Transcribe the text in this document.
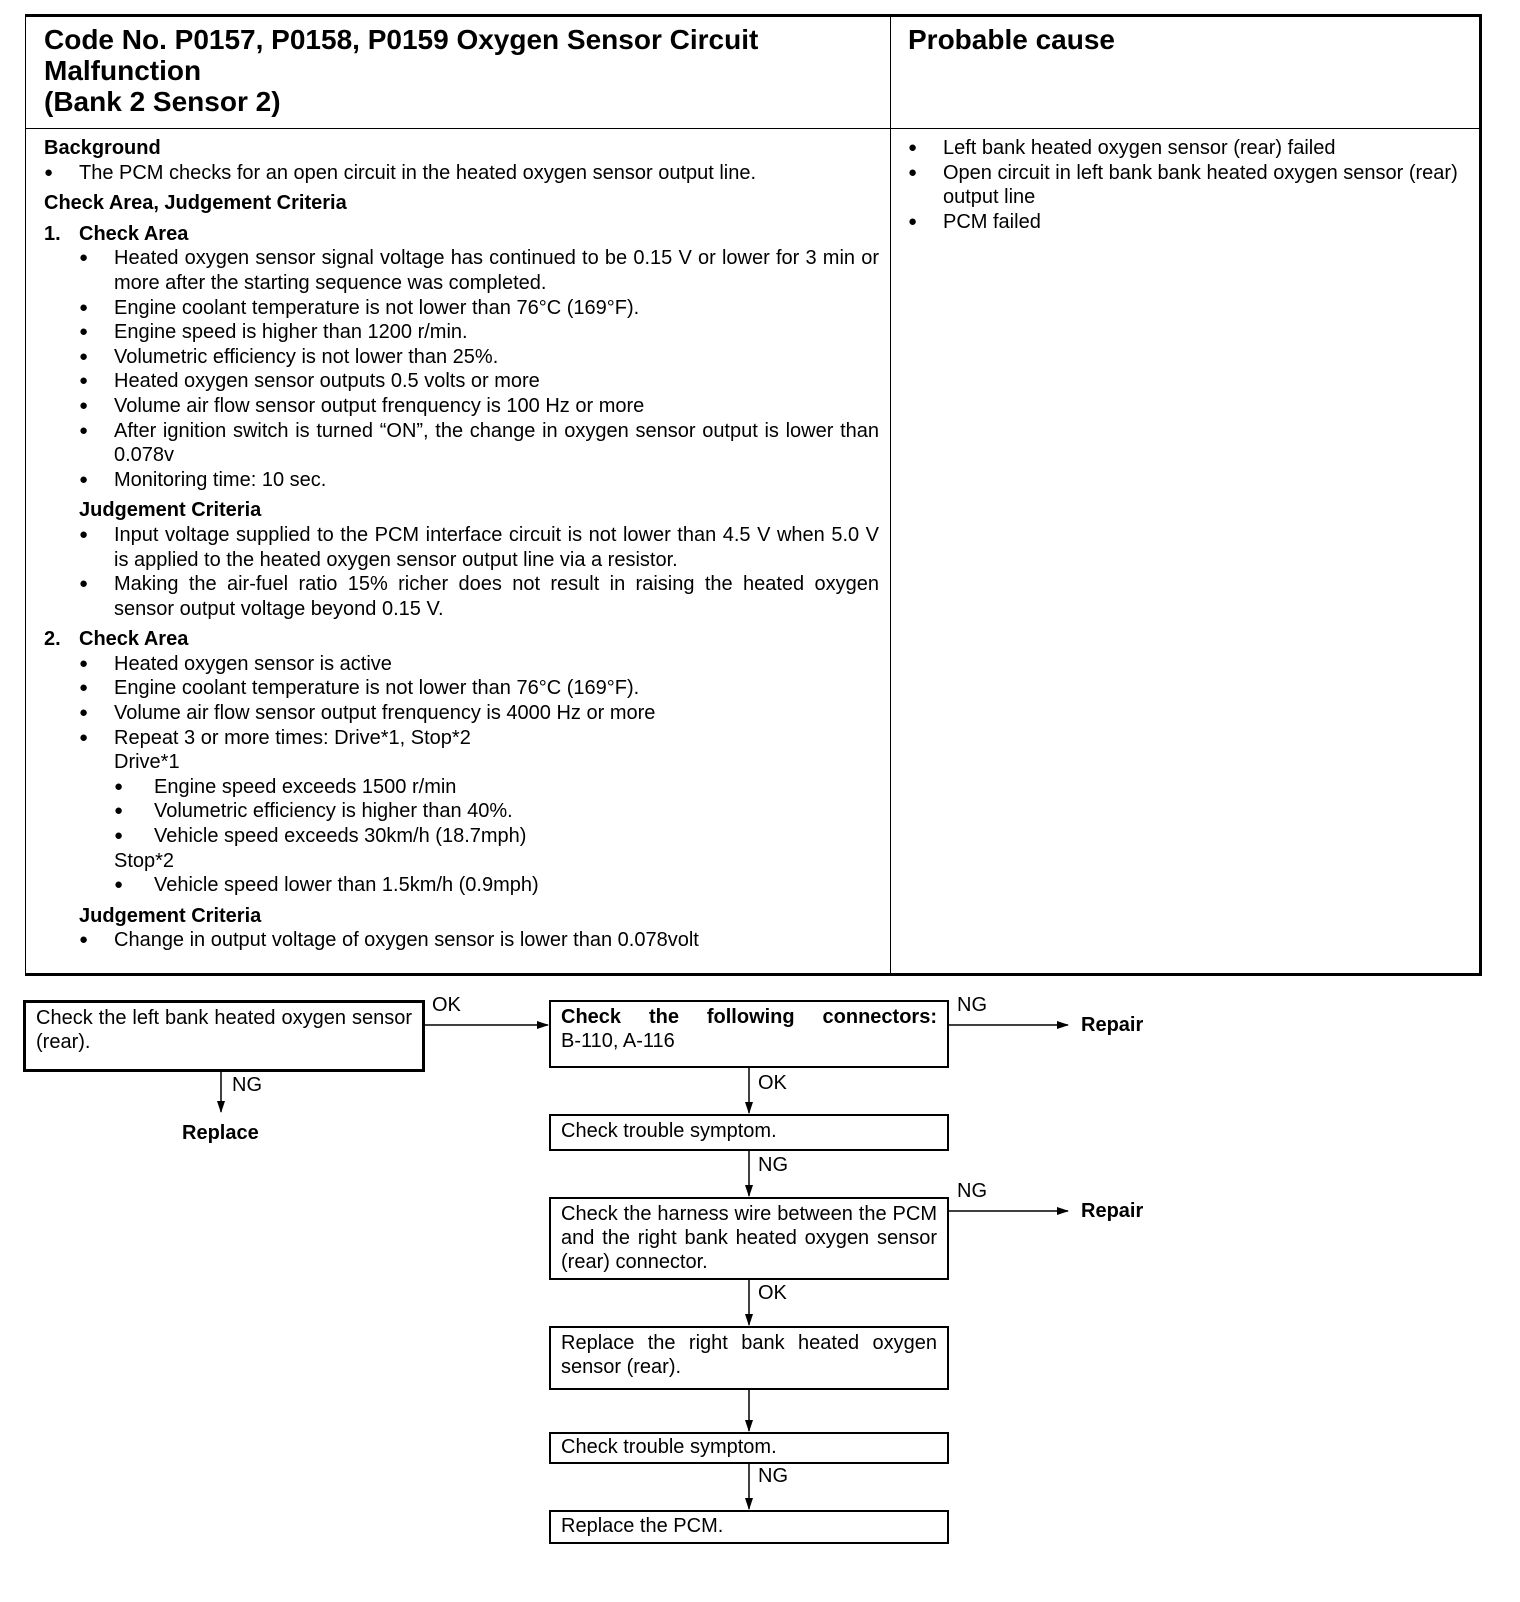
Code No. P0157, P0158, P0159 Oxygen Sensor Circuit
Malfunction
(Bank 2 Sensor 2)
Probable cause
Background
● The PCM checks for an open circuit in the heated oxygen sensor output line.
Check Area, Judgement Criteria
1. Check Area
● Heated oxygen sensor signal voltage has continued to be 0.15 V or lower for 3 min or more after the starting sequence was completed.
● Engine coolant temperature is not lower than 76°C (169°F).
● Engine speed is higher than 1200 r/min.
● Volumetric efficiency is not lower than 25%.
● Heated oxygen sensor outputs 0.5 volts or more
● Volume air flow sensor output frenquency is 100 Hz or more
● After ignition switch is turned “ON”, the change in oxygen sensor output is lower than 0.078v
● Monitoring time: 10 sec.
Judgement Criteria
● Input voltage supplied to the PCM interface circuit is not lower than 4.5 V when 5.0 V is applied to the heated oxygen sensor output line via a resistor.
● Making the air-fuel ratio 15% richer does not result in raising the heated oxygen sensor output voltage beyond 0.15 V.
2. Check Area
● Heated oxygen sensor is active
● Engine coolant temperature is not lower than 76°C (169°F).
● Volume air flow sensor output frenquency is 4000 Hz or more
● Repeat 3 or more times: Drive*1, Stop*2
Drive*1
● Engine speed exceeds 1500 r/min
● Volumetric efficiency is higher than 40%.
● Vehicle speed exceeds 30km/h (18.7mph)
Stop*2
● Vehicle speed lower than 1.5km/h (0.9mph)
Judgement Criteria
● Change in output voltage of oxygen sensor is lower than 0.078volt
● Left bank heated oxygen sensor (rear) failed
● Open circuit in left bank bank heated oxygen sensor (rear) output line
● PCM failed
Check the left bank heated oxygen sensor (rear).
OK
NG
Replace
Check the following connectors:
B-110, A-116
NG
Repair
OK
Check trouble symptom.
NG
Check the harness wire between the PCM and the right bank heated oxygen sensor (rear) connector.
NG
Repair
OK
Replace the right bank heated oxygen sensor (rear).
Check trouble symptom.
NG
Replace the PCM.
